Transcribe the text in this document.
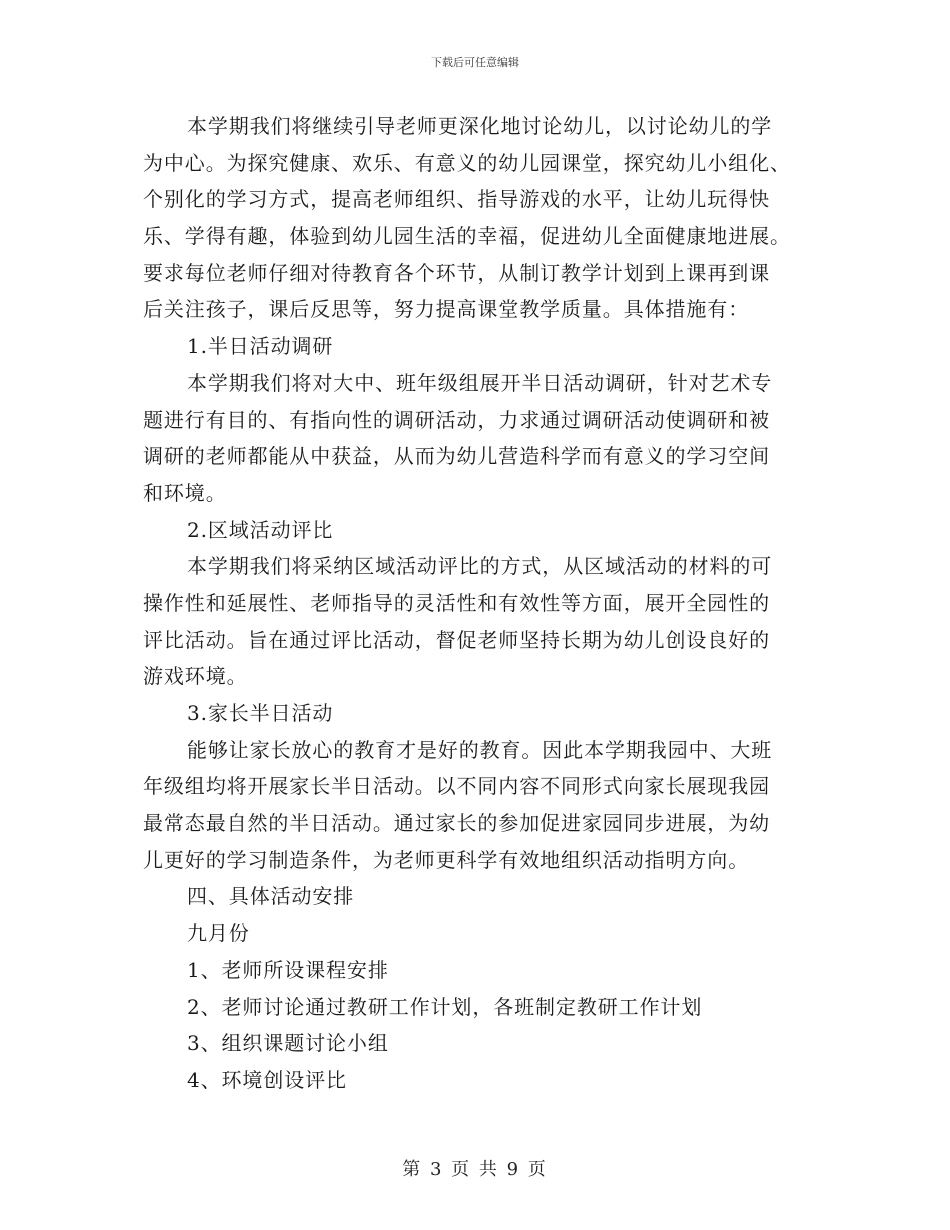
下载后可任意编辑
本学期我们将继续引导老师更深化地讨论幼儿，以讨论幼儿的学
为中心。为探究健康、欢乐、有意义的幼儿园课堂，探究幼儿小组化、
个别化的学习方式，提高老师组织、指导游戏的水平，让幼儿玩得快
乐、学得有趣，体验到幼儿园生活的幸福，促进幼儿全面健康地进展。
要求每位老师仔细对待教育各个环节，从制订教学计划到上课再到课
后关注孩子，课后反思等，努力提高课堂教学质量。具体措施有：
1.半日活动调研
本学期我们将对大中、班年级组展开半日活动调研，针对艺术专
题进行有目的、有指向性的调研活动，力求通过调研活动使调研和被
调研的老师都能从中获益，从而为幼儿营造科学而有意义的学习空间
和环境。
2.区域活动评比
本学期我们将采纳区域活动评比的方式，从区域活动的材料的可
操作性和延展性、老师指导的灵活性和有效性等方面，展开全园性的
评比活动。旨在通过评比活动，督促老师坚持长期为幼儿创设良好的
游戏环境。
3.家长半日活动
能够让家长放心的教育才是好的教育。因此本学期我园中、大班
年级组均将开展家长半日活动。以不同内容不同形式向家长展现我园
最常态最自然的半日活动。通过家长的参加促进家园同步进展，为幼
儿更好的学习制造条件，为老师更科学有效地组织活动指明方向。
四、具体活动安排
九月份
1、老师所设课程安排
2、老师讨论通过教研工作计划，各班制定教研工作计划
3、组织课题讨论小组
4、环境创设评比
第 3 页 共 9 页
